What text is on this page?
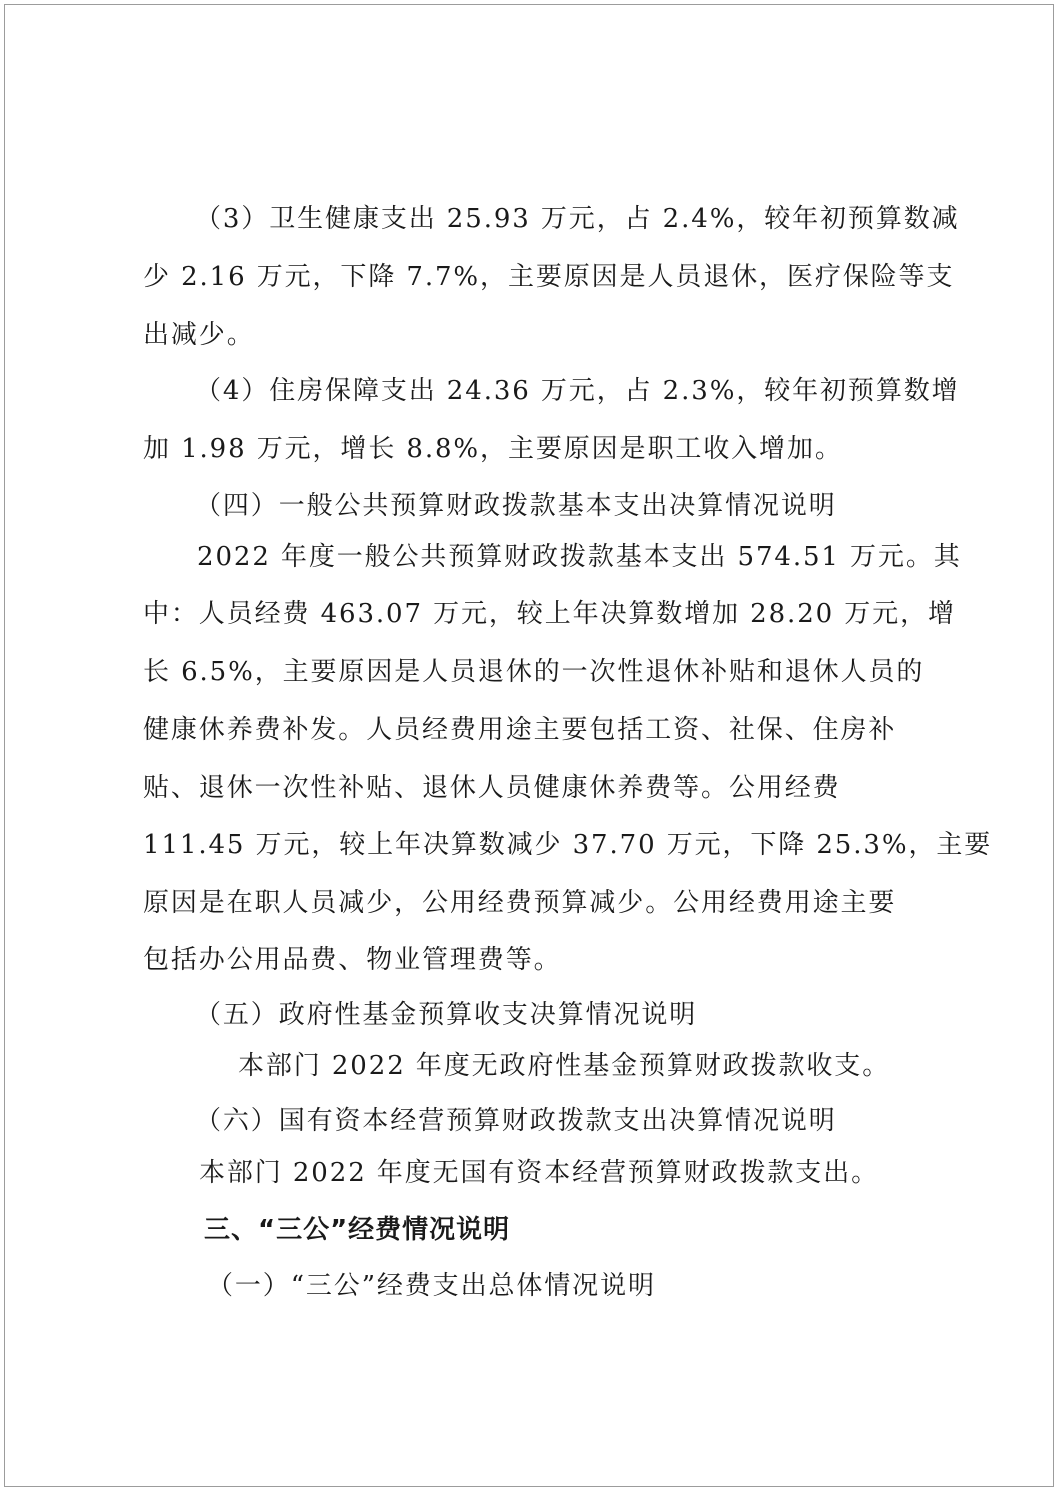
（3）卫生健康支出 25.93 万元，占 2.4%，较年初预算数减
少 2.16 万元，下降 7.7%，主要原因是人员退休，医疗保险等支
出减少。
（4）住房保障支出 24.36 万元，占 2.3%，较年初预算数增
加 1.98 万元，增长 8.8%，主要原因是职工收入增加。
（四）一般公共预算财政拨款基本支出决算情况说明
2022 年度一般公共预算财政拨款基本支出 574.51 万元。其
中：人员经费 463.07 万元，较上年决算数增加 28.20 万元，增
长 6.5%，主要原因是人员退休的一次性退休补贴和退休人员的
健康休养费补发。人员经费用途主要包括工资、社保、住房补
贴、退休一次性补贴、退休人员健康休养费等。公用经费
111.45 万元，较上年决算数减少 37.70 万元，下降 25.3%，主要
原因是在职人员减少，公用经费预算减少。公用经费用途主要
包括办公用品费、物业管理费等。
（五）政府性基金预算收支决算情况说明
本部门 2022 年度无政府性基金预算财政拨款收支。
（六）国有资本经营预算财政拨款支出决算情况说明
本部门 2022 年度无国有资本经营预算财政拨款支出。
三、“三公”经费情况说明
（一）“三公”经费支出总体情况说明
